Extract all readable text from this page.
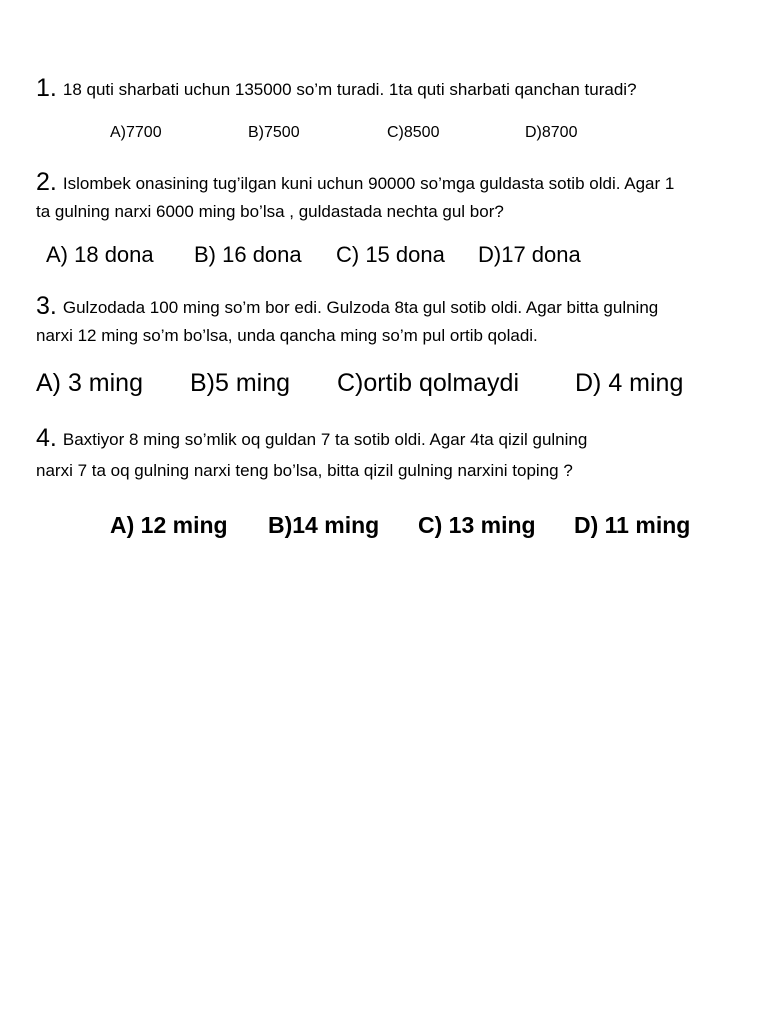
1. 18 quti sharbati uchun 135000 so’m turadi. 1ta quti sharbati qanchan turadi?
A)7700	B)7500	C)8500	D)8700
2. Islombek onasining tug’ilgan kuni uchun 90000 so’mga guldasta sotib oldi. Agar 1
ta gulning narxi 6000 ming bo’lsa , guldastada nechta gul bor?
A) 18 dona B) 16 dona C) 15 dona D)17 dona
3. Gulzodada 100 ming so’m bor edi. Gulzoda 8ta gul sotib oldi. Agar bitta gulning
narxi 12 ming so’m bo’lsa, unda qancha ming so’m pul ortib qoladi.
A) 3 ming B)5 ming C)ortib qolmaydi D) 4 ming
4. Baxtiyor 8 ming so’mlik oq guldan 7 ta sotib oldi. Agar 4ta qizil gulning
narxi 7 ta oq gulning narxi teng bo’lsa, bitta qizil gulning narxini toping ?
A) 12 ming B)14 ming C) 13 ming D) 11 ming
